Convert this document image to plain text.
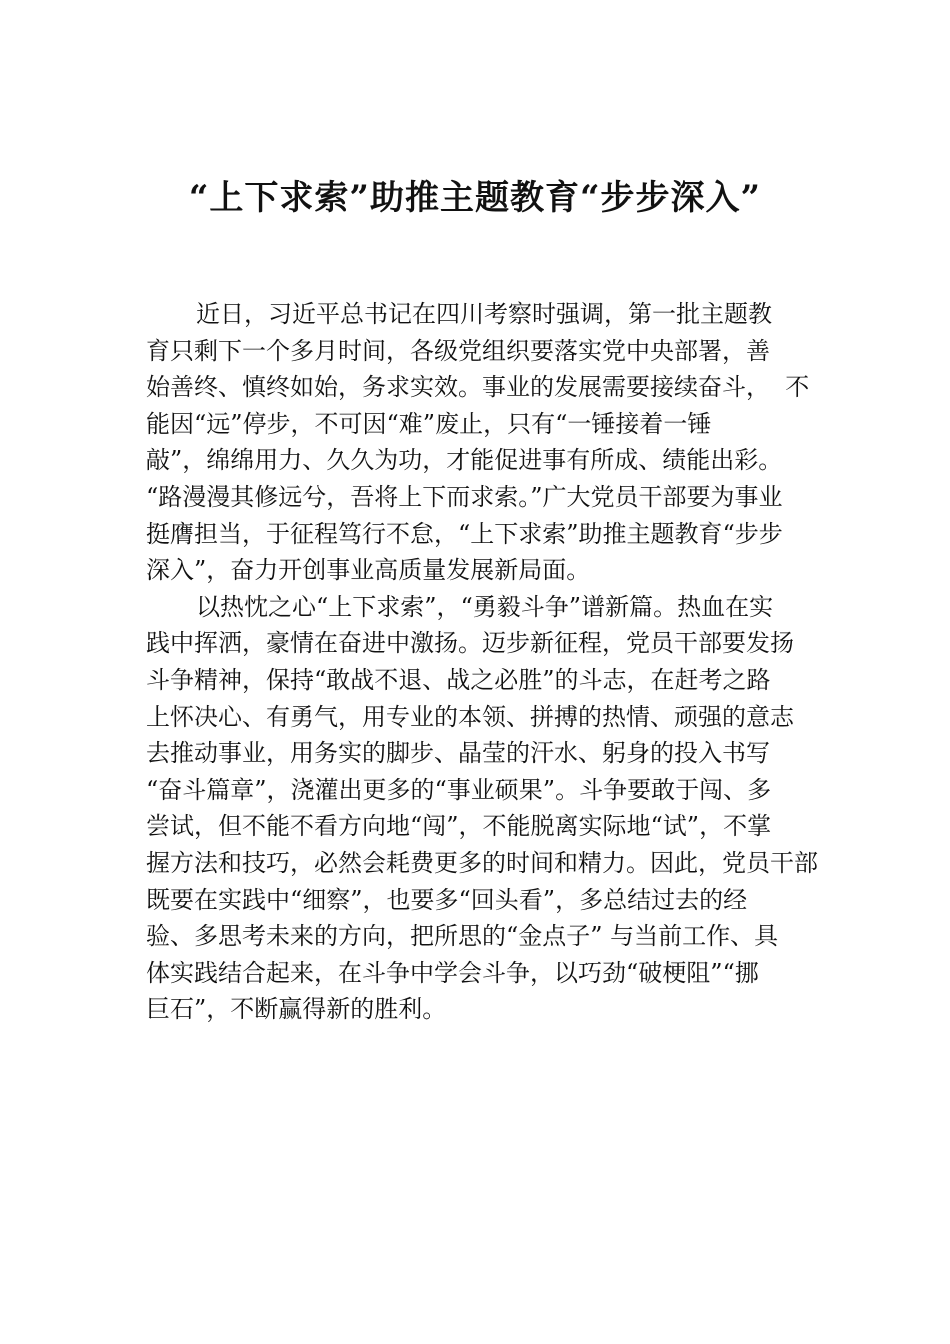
“上下求索”助推主题教育“步步深入”
近日，习近平总书记在四川考察时强调，第一批主题教
育只剩下一个多月时间，各级党组织要落实党中央部署，善
始善终、慎终如始，务求实效。事业的发展需要接续奋斗，  不
能因“远”停步，不可因“难”废止，只有“一锤接着一锤
敲”，绵绵用力、久久为功，才能促进事有所成、绩能出彩。
“路漫漫其修远兮，吾将上下而求索。”广大党员干部要为事业
挺膺担当，于征程笃行不怠，“上下求索”助推主题教育“步步
深入”，奋力开创事业高质量发展新局面。
以热忱之心“上下求索”，“勇毅斗争”谱新篇。热血在实
践中挥洒，豪情在奋进中激扬。迈步新征程，党员干部要发扬
斗争精神，保持“敢战不退、战之必胜”的斗志，在赶考之路
上怀决心、有勇气，用专业的本领、拼搏的热情、顽强的意志
去推动事业，用务实的脚步、晶莹的汗水、躬身的投入书写
“奋斗篇章”，浇灌出更多的“事业硕果”。斗争要敢于闯、多
尝试，但不能不看方向地“闯”，不能脱离实际地“试”，不掌
握方法和技巧，必然会耗费更多的时间和精力。因此，党员干部
既要在实践中“细察”，也要多“回头看”，多总结过去的经
验、多思考未来的方向，把所思的“金点子” 与当前工作、具
体实践结合起来，在斗争中学会斗争，以巧劲“破梗阻”“挪
巨石”，不断赢得新的胜利。
